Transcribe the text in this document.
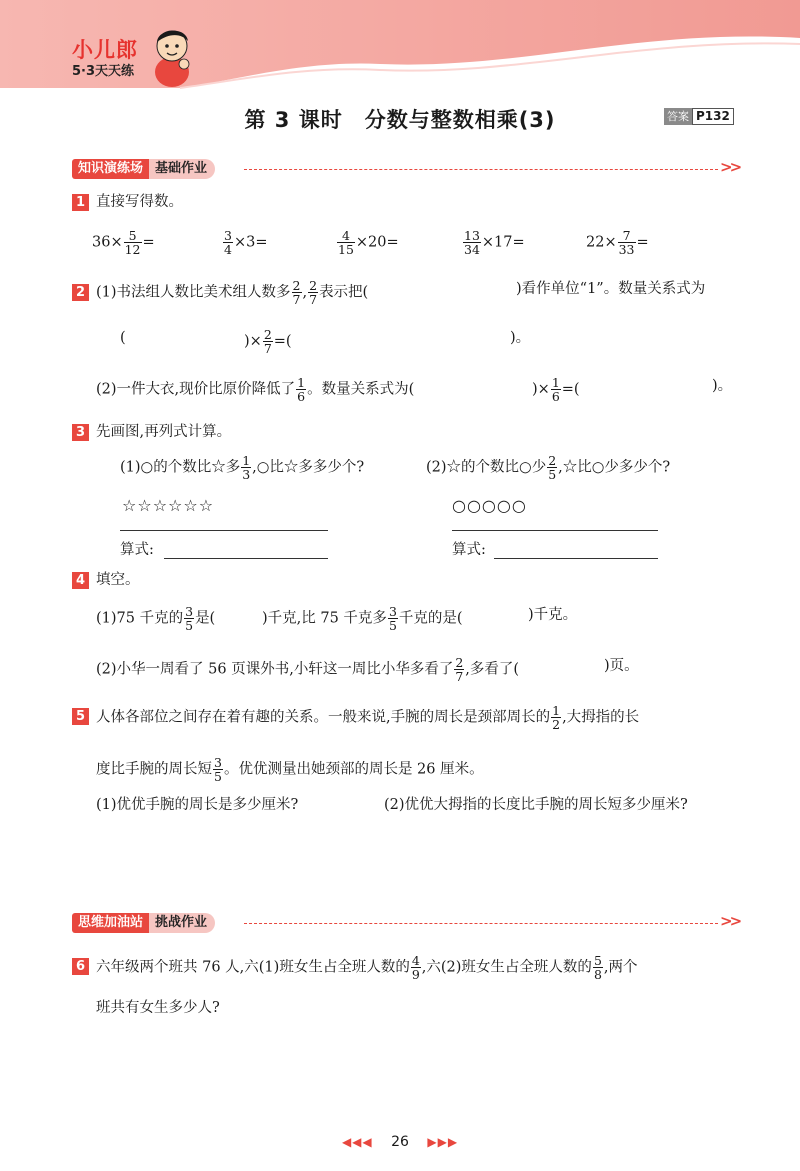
小儿郎
5·3天天练
第 3 课时　分数与整数相乘(3)	答案 P132
知识演练场 基础作业	>>
1 直接写得数。
$36\times \frac{5}{12}$ =	$\frac{3}{4} \times 3=$	$\frac{4}{15} \times 20=$	$\frac{13}{34} \times 17=$	$22\times \frac{7}{33}$ =
2 (1)书法组人数比美术组人数多 $\frac{2}{7}$ , $\frac{2}{7}$ 表示把(	)看作单位“1”。数量关系式为
(	)× $\frac{2}{7}$ =(	)。
(2)一件大衣,现价比原价降低了 $\frac{1}{6}$ 。数量关系式为(	)× $\frac{1}{6}$ =(	)。
3 先画图,再列式计算。
(1)○的个数比☆多 $\frac{1}{3}$ ,○比☆多多少个?	(2)☆的个数比○少 $\frac{2}{5}$ ,☆比○少多少个?
☆☆☆☆☆☆	○○○○○
算式:	算式:
4 填空。
(1)75 千克的 $\frac{3}{5}$ 是(	)千克,比 75 千克多 $\frac{3}{5}$ 千克的是(	)千克。
(2)小华一周看了 56 页课外书,小轩这一周比小华多看了 $\frac{2}{7}$ ,多看了(	)页。
5 人体各部位之间存在着有趣的关系。一般来说,手腕的周长是颈部周长的 $\frac{1}{2}$ ,大拇指的长
度比手腕的周长短 $\frac{3}{5}$ 。优优测量出她颈部的周长是 26 厘米。
(1)优优手腕的周长是多少厘米?	(2)优优大拇指的长度比手腕的周长短多少厘米?
思维加油站 挑战作业	>>
6 六年级两个班共 76 人,六(1)班女生占全班人数的 $\frac{4}{9}$ ,六(2)班女生占全班人数的 $\frac{5}{8}$ ,两个
班共有女生多少人?
◀◀◀ 26 ▶▶▶
